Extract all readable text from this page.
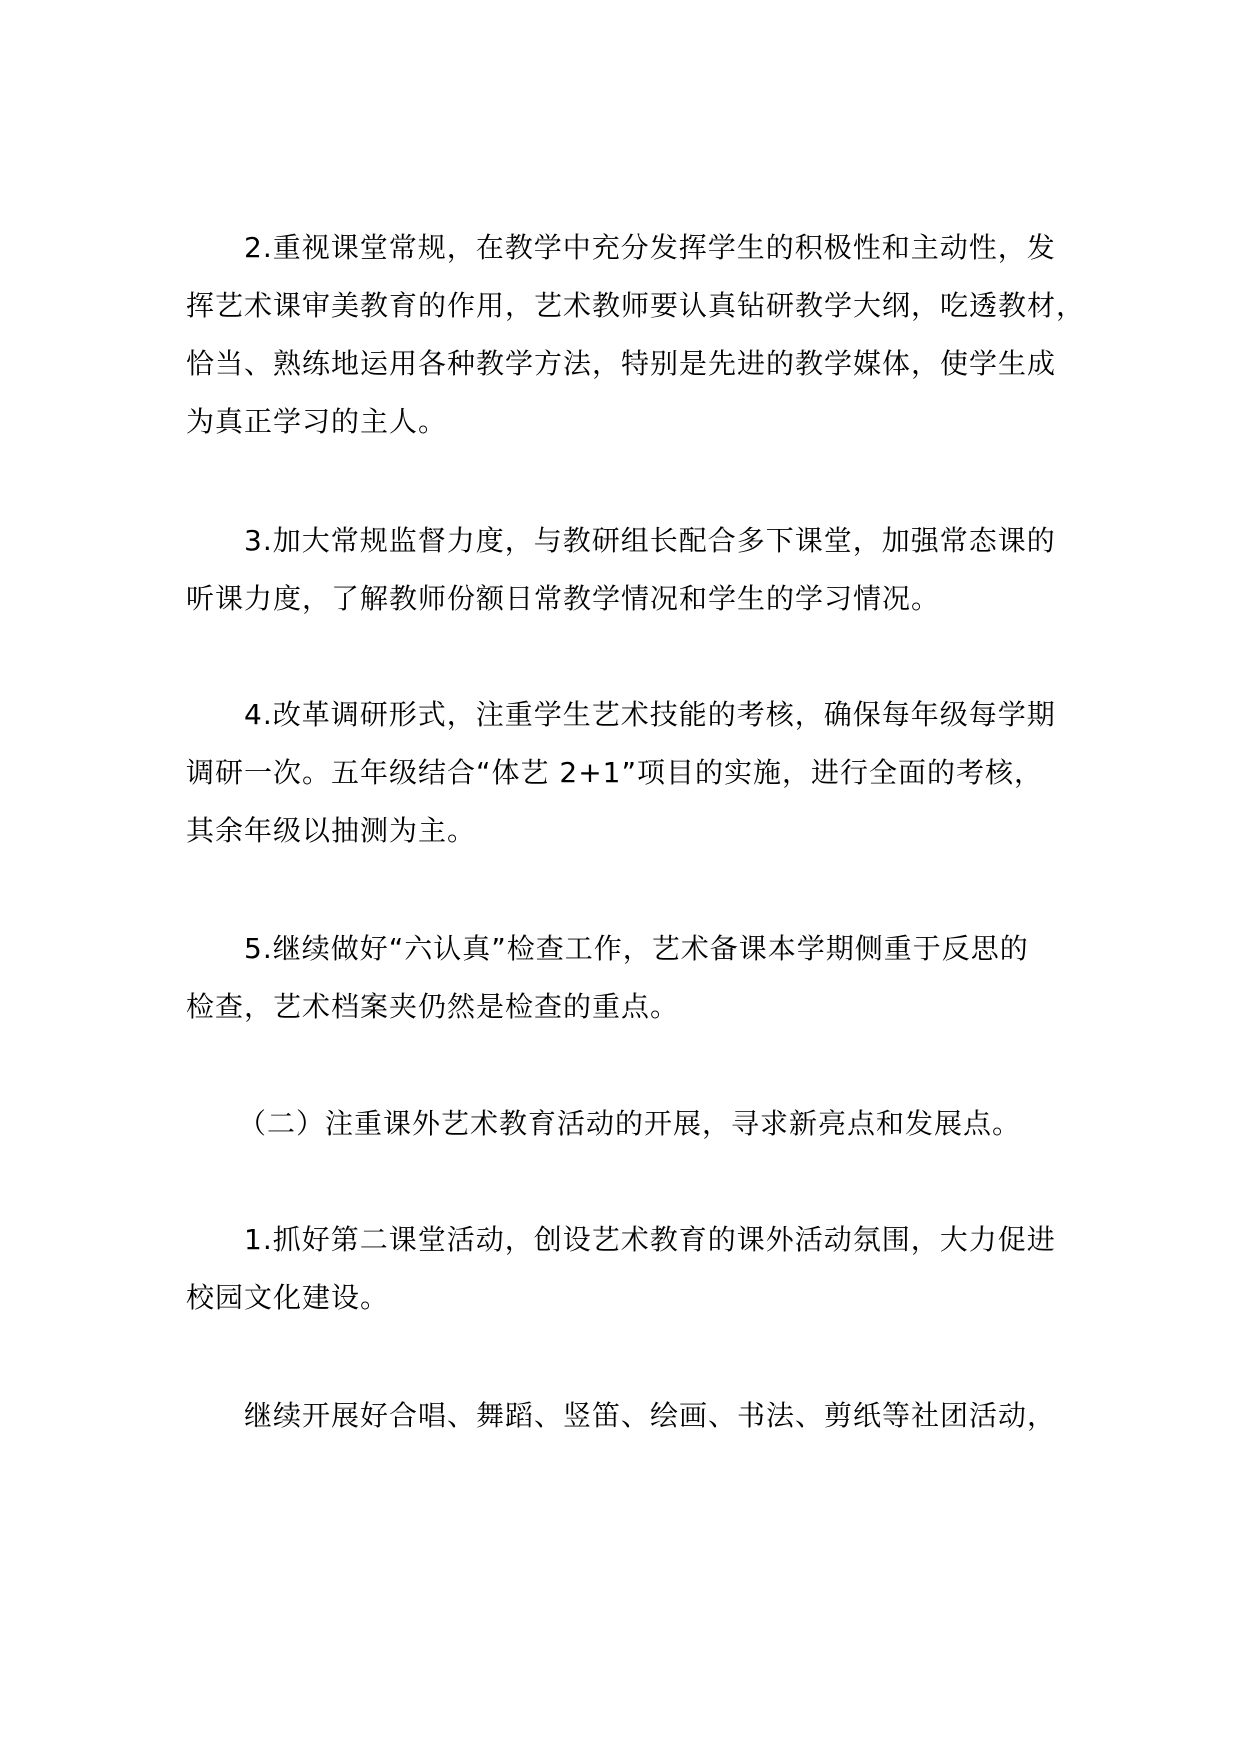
2.重视课堂常规，在教学中充分发挥学生的积极性和主动性，发
挥艺术课审美教育的作用，艺术教师要认真钻研教学大纲，吃透教材，
恰当、熟练地运用各种教学方法，特别是先进的教学媒体，使学生成
为真正学习的主人。

3.加大常规监督力度，与教研组长配合多下课堂，加强常态课的
听课力度，了解教师份额日常教学情况和学生的学习情况。

4.改革调研形式，注重学生艺术技能的考核，确保每年级每学期
调研一次。五年级结合“体艺 2+1”项目的实施，进行全面的考核，
其余年级以抽测为主。

5.继续做好“六认真”检查工作，艺术备课本学期侧重于反思的
检查，艺术档案夹仍然是检查的重点。

（二）注重课外艺术教育活动的开展，寻求新亮点和发展点。

1.抓好第二课堂活动，创设艺术教育的课外活动氛围，大力促进
校园文化建设。

继续开展好合唱、舞蹈、竖笛、绘画、书法、剪纸等社团活动，
